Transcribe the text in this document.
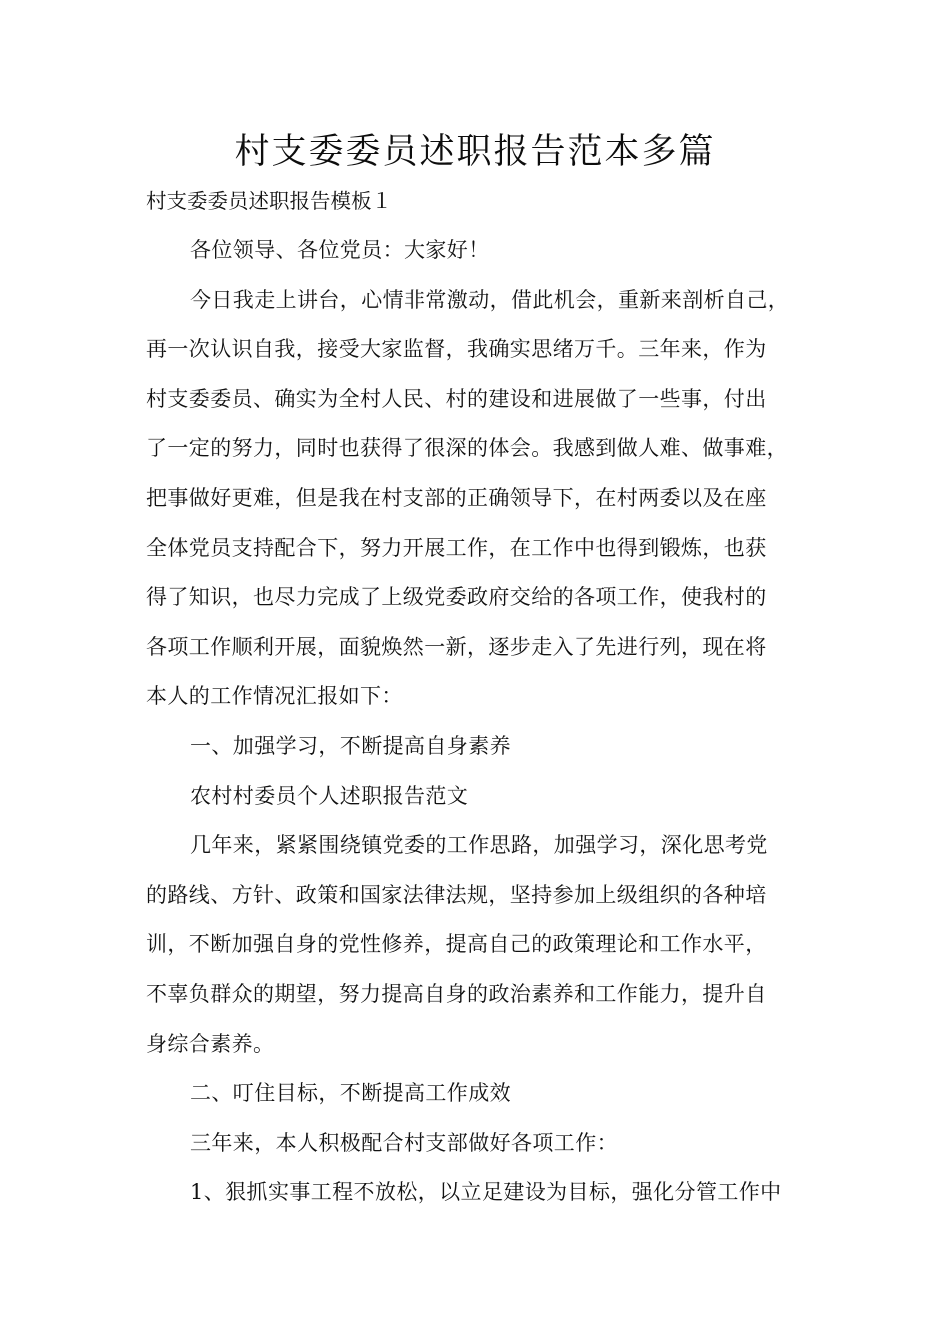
村支委委员述职报告范本多篇

村支委委员述职报告模板１

各位领导、各位党员：大家好！

今日我走上讲台，心情非常激动，借此机会，重新来剖析自己，
再一次认识自我，接受大家监督，我确实思绪万千。三年来，作为
村支委委员、确实为全村人民、村的建设和进展做了一些事，付出
了一定的努力，同时也获得了很深的体会。我感到做人难、做事难，
把事做好更难，但是我在村支部的正确领导下，在村两委以及在座
全体党员支持配合下，努力开展工作，在工作中也得到锻炼，也获
得了知识，也尽力完成了上级党委政府交给的各项工作，使我村的
各项工作顺利开展，面貌焕然一新，逐步走入了先进行列，现在将
本人的工作情况汇报如下：

一、加强学习，不断提高自身素养

农村村委员个人述职报告范文

几年来，紧紧围绕镇党委的工作思路，加强学习，深化思考党
的路线、方针、政策和国家法律法规，坚持参加上级组织的各种培
训，不断加强自身的党性修养，提高自己的政策理论和工作水平，
不辜负群众的期望，努力提高自身的政治素养和工作能力，提升自
身综合素养。

二、叮住目标，不断提高工作成效

三年来，本人积极配合村支部做好各项工作：

1、狠抓实事工程不放松，以立足建设为目标，强化分管工作中
